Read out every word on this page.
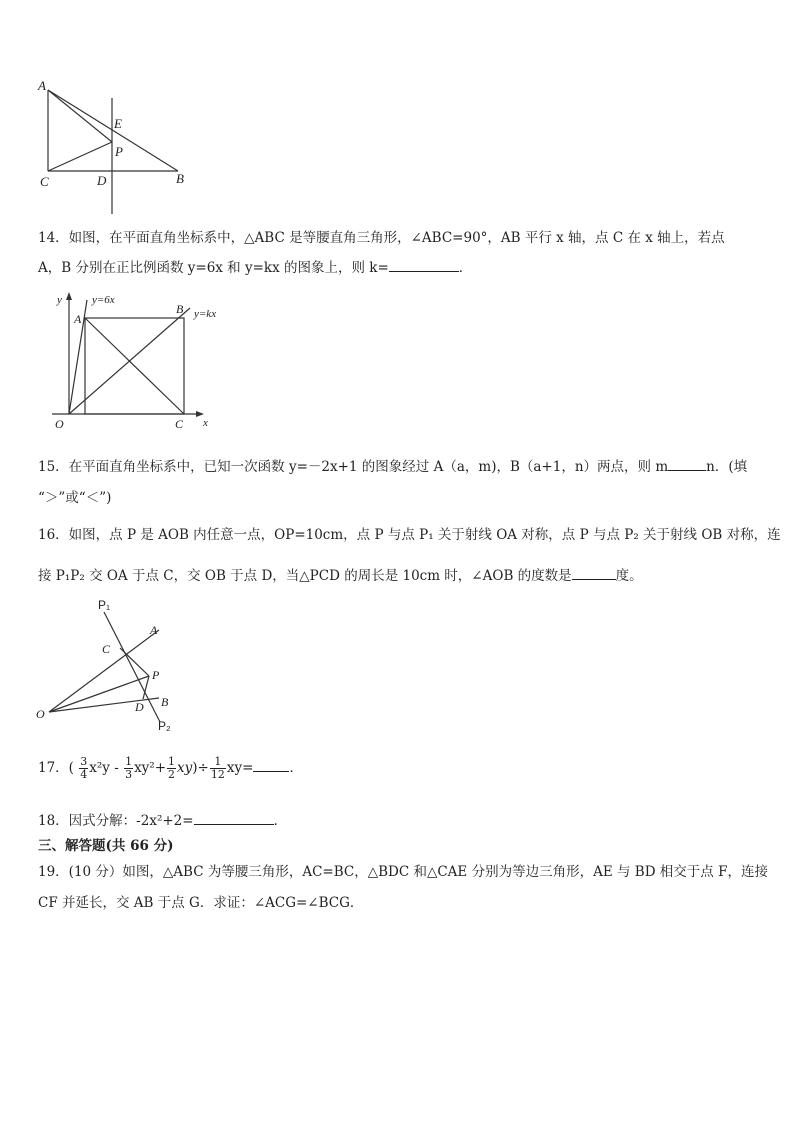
A
E
P
C	D	B
14．如图，在平面直角坐标系中，△ABC 是等腰直角三角形，∠ABC=90°，AB 平行 x 轴，点 C 在 x 轴上，若点
A，B 分别在正比例函数 y=6x 和 y=kx 的图象上，则 k=	．
y	y=6x
y=kx
A
B
O	C x
15．在平面直角坐标系中，已知一次函数 y=－2x+1 的图象经过 A（a，m)，B（a+1，n）两点，则 m	n．(填
“＞”或“＜”)
16．如图，点 P 是 AOB 内任意一点，OP=10cm，点 P 与点 P₁ 关于射线 OA 对称，点 P 与点 P₂ 关于射线 OB 对称，连
接 P₁P₂ 交 OA 于点 C，交 OB 于点 D，当△PCD 的周长是 10cm 时，∠AOB 的度数是	度。
P₁
A
C
P
O	D B
P₂
17．( $\frac{3}{4} x^2y - \frac{1}{3} xy^2+ \frac{1}{2} xy)\div \frac{1}{12} xy=$	．
18．因式分解：-2x²+2=	．
三、解答题(共 66 分)
19．(10 分）如图，△ABC 为等腰三角形，AC=BC，△BDC 和△CAE 分别为等边三角形，AE 与 BD 相交于点 F，连接
CF 并延长，交 AB 于点 G．求证：∠ACG=∠BCG．
